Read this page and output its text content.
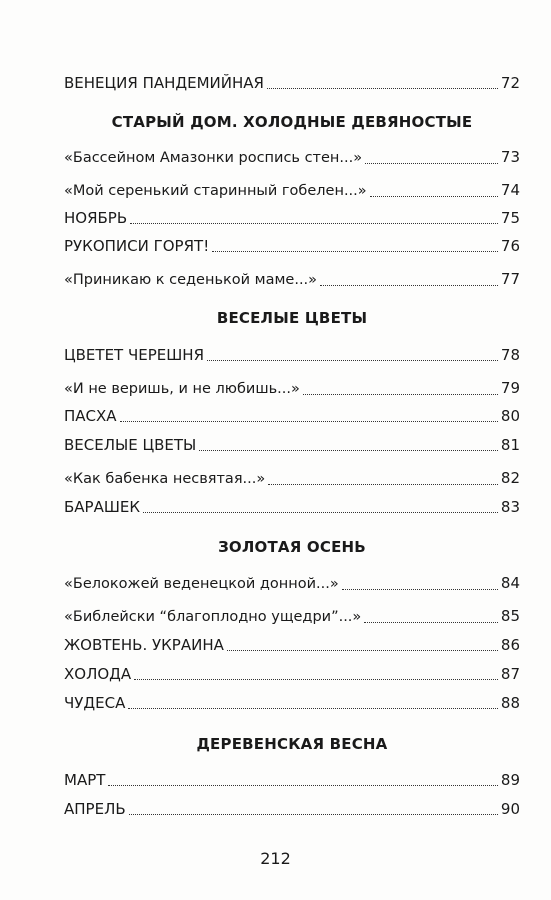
ВЕНЕЦИЯ ПАНДЕМИЙНАЯ	72
СТАРЫЙ ДОМ. ХОЛОДНЫЕ ДЕВЯНОСТЫЕ
«Бассейном Амазонки роспись стен...»	73
«Мой серенький старинный гобелен...»	74
НОЯБРЬ	75
РУКОПИСИ ГОРЯТ!	76
«Приникаю к седенькой маме...»	77
ВЕСЕЛЫЕ ЦВЕТЫ
ЦВЕТЕТ ЧЕРЕШНЯ	78
«И не веришь, и не любишь...»	79
ПАСХА	80
ВЕСЕЛЫЕ ЦВЕТЫ	81
«Как бабенка несвятая...»	82
БАРАШЕК	83
ЗОЛОТАЯ ОСЕНЬ
«Белокожей веденецкой донной...»	84
«Библейски “благоплодно ущедри”...»	85
ЖОВТЕНЬ. УКРАИНА	86
ХОЛОДА	87
ЧУДЕСА	88
ДЕРЕВЕНСКАЯ ВЕСНА
МАРТ	89
АПРЕЛЬ	90
212
